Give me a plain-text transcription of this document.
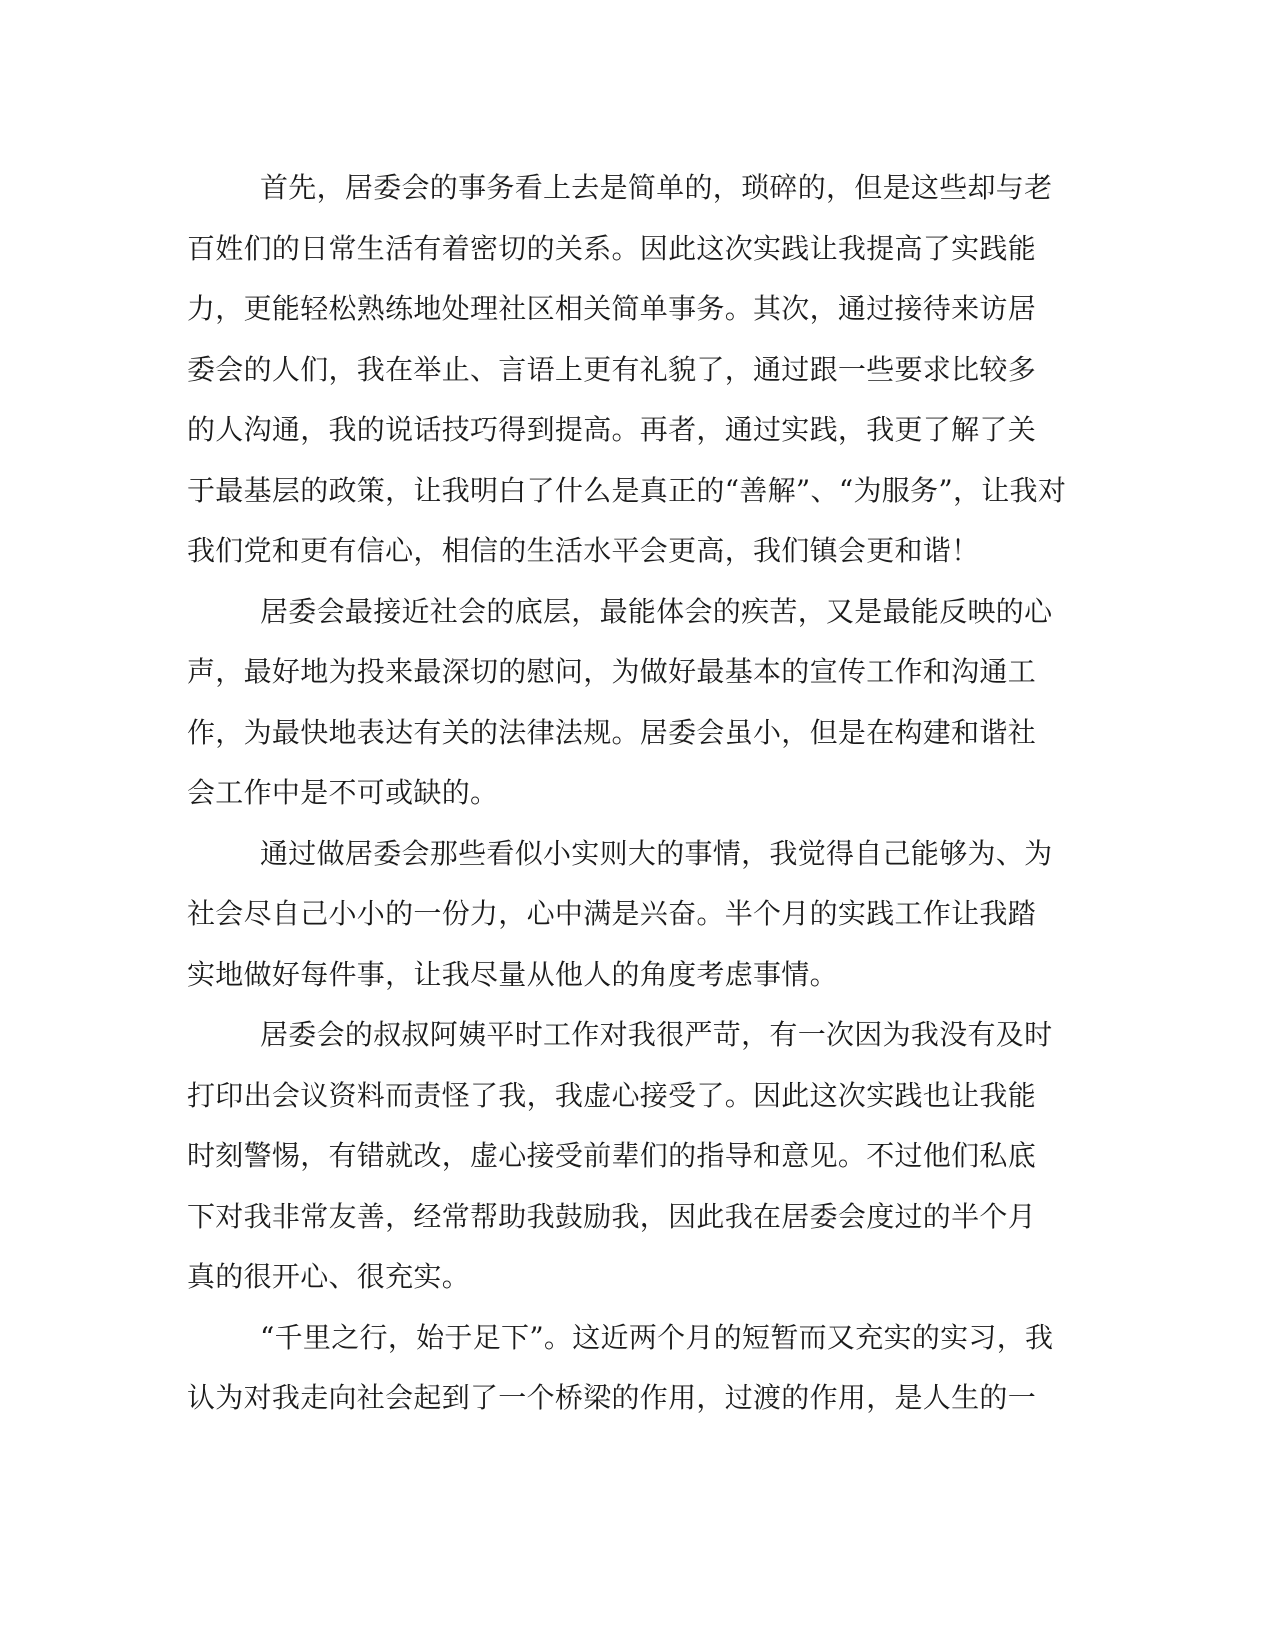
首先，居委会的事务看上去是简单的，琐碎的，但是这些却与老
百姓们的日常生活有着密切的关系。因此这次实践让我提高了实践能
力，更能轻松熟练地处理社区相关简单事务。其次，通过接待来访居
委会的人们，我在举止、言语上更有礼貌了，通过跟一些要求比较多
的人沟通，我的说话技巧得到提高。再者，通过实践，我更了解了关
于最基层的政策，让我明白了什么是真正的“善解”、“为服务”，让我对
我们党和更有信心，相信的生活水平会更高，我们镇会更和谐！
居委会最接近社会的底层，最能体会的疾苦，又是最能反映的心
声，最好地为投来最深切的慰问，为做好最基本的宣传工作和沟通工
作，为最快地表达有关的法律法规。居委会虽小，但是在构建和谐社
会工作中是不可或缺的。
通过做居委会那些看似小实则大的事情，我觉得自己能够为、为
社会尽自己小小的一份力，心中满是兴奋。半个月的实践工作让我踏
实地做好每件事，让我尽量从他人的角度考虑事情。
居委会的叔叔阿姨平时工作对我很严苛，有一次因为我没有及时
打印出会议资料而责怪了我，我虚心接受了。因此这次实践也让我能
时刻警惕，有错就改，虚心接受前辈们的指导和意见。不过他们私底
下对我非常友善，经常帮助我鼓励我，因此我在居委会度过的半个月
真的很开心、很充实。
“千里之行，始于足下”。这近两个月的短暂而又充实的实习，我
认为对我走向社会起到了一个桥梁的作用，过渡的作用，是人生的一
